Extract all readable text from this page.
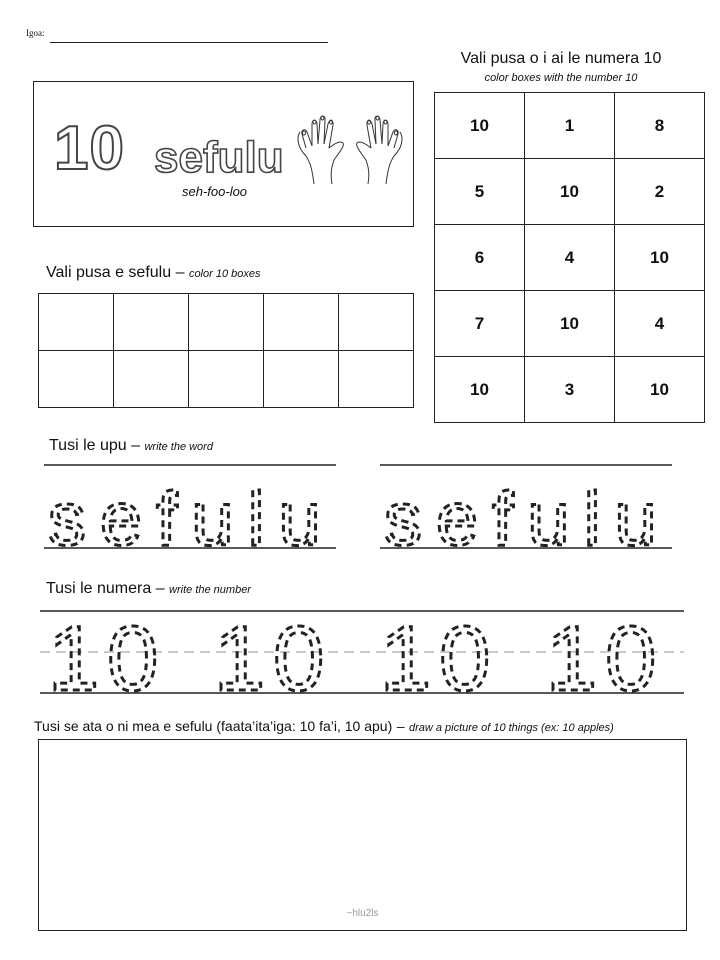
Igoa:
10 sefulu
seh-foo-loo
Vali pusa o i ai le numera 10
color boxes with the number 10
10	1	8
5	10	2
6	4	10
7	10	4
10	3	10
Vali pusa e sefulu – color 10 boxes

Tusi le upu – write the word
sefulu sefulu
Tusi le numera – write the number
10 10 10 10
Tusi se ata o ni mea e sefulu (faata’ita’iga: 10 fa’i, 10 apu) – draw a picture of 10 things (ex: 10 apples)
~hlu2ls
